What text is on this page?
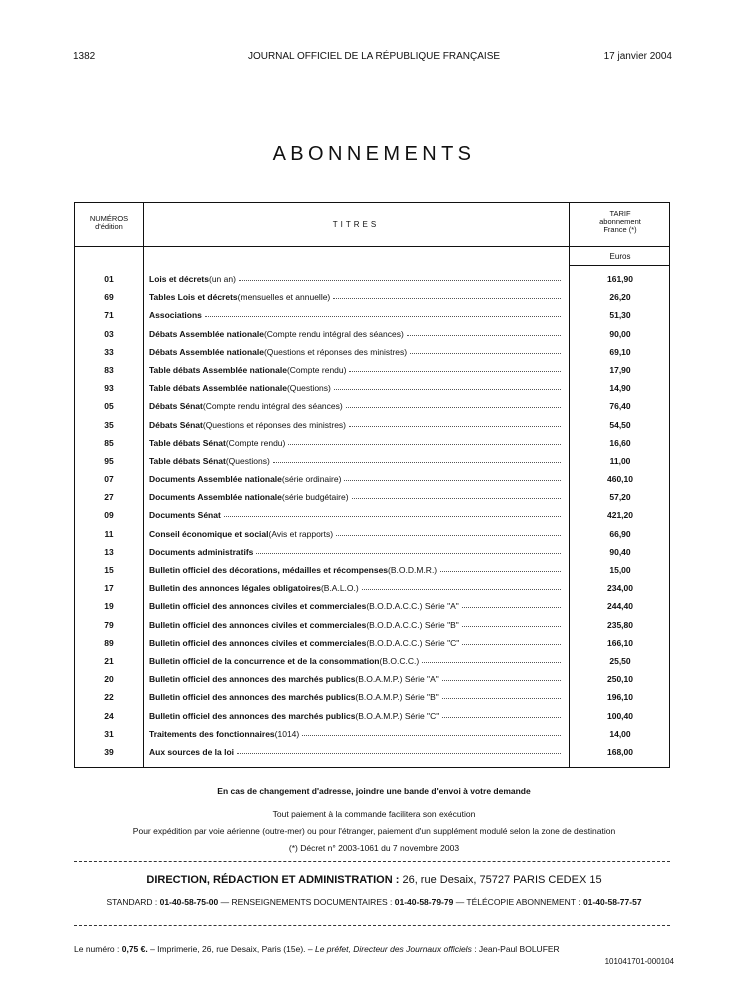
1382	JOURNAL OFFICIEL DE LA RÉPUBLIQUE FRANÇAISE	17 janvier 2004
ABONNEMENTS
NUMÉROS
d'édition	TITRES
TARIF
abonnement
France (*)
Euros
01	Lois et décrets (un an)	161,90
69	Tables Lois et décrets (mensuelles et annuelle)	26,20
71	Associations	51,30
03	Débats Assemblée nationale (Compte rendu intégral des séances)	90,00
33	Débats Assemblée nationale (Questions et réponses des ministres)	69,10
83	Table débats Assemblée nationale (Compte rendu)	17,90
93	Table débats Assemblée nationale (Questions)	14,90
05	Débats Sénat (Compte rendu intégral des séances)	76,40
35	Débats Sénat (Questions et réponses des ministres)	54,50
85	Table débats Sénat (Compte rendu)	16,60
95	Table débats Sénat (Questions)	11,00
07	Documents Assemblée nationale (série ordinaire)	460,10
27	Documents Assemblée nationale (série budgétaire)	57,20
09	Documents Sénat	421,20
11	Conseil économique et social (Avis et rapports)	66,90
13	Documents administratifs	90,40
15	Bulletin officiel des décorations, médailles et récompenses (B.O.D.M.R.)	15,00
17	Bulletin des annonces légales obligatoires (B.A.L.O.)	234,00
19	Bulletin officiel des annonces civiles et commerciales (B.O.D.A.C.C.) Série "A"	244,40
79	Bulletin officiel des annonces civiles et commerciales (B.O.D.A.C.C.) Série "B"	235,80
89	Bulletin officiel des annonces civiles et commerciales (B.O.D.A.C.C.) Série "C"	166,10
21	Bulletin officiel de la concurrence et de la consommation (B.O.C.C.)	25,50
20	Bulletin officiel des annonces des marchés publics (B.O.A.M.P.) Série "A"	250,10
22	Bulletin officiel des annonces des marchés publics (B.O.A.M.P.) Série "B"	196,10
24	Bulletin officiel des annonces des marchés publics (B.O.A.M.P.) Série "C"	100,40
31	Traitements des fonctionnaires (1014)	14,00
39	Aux sources de la loi	168,00
En cas de changement d'adresse, joindre une bande d'envoi à votre demande
Tout paiement à la commande facilitera son exécution
Pour expédition par voie aérienne (outre-mer) ou pour l'étranger, paiement d'un supplément modulé selon la zone de destination
(*) Décret n° 2003-1061 du 7 novembre 2003
DIRECTION, RÉDACTION ET ADMINISTRATION : 26, rue Desaix, 75727 PARIS CEDEX 15
STANDARD : 01-40-58-75-00 — RENSEIGNEMENTS DOCUMENTAIRES : 01-40-58-79-79 — TÉLÉCOPIE ABONNEMENT : 01-40-58-77-57
Le numéro : 0,75 €. – Imprimerie, 26, rue Desaix, Paris (15e). – Le préfet, Directeur des Journaux officiels : Jean-Paul BOLUFER
101041701-000104
